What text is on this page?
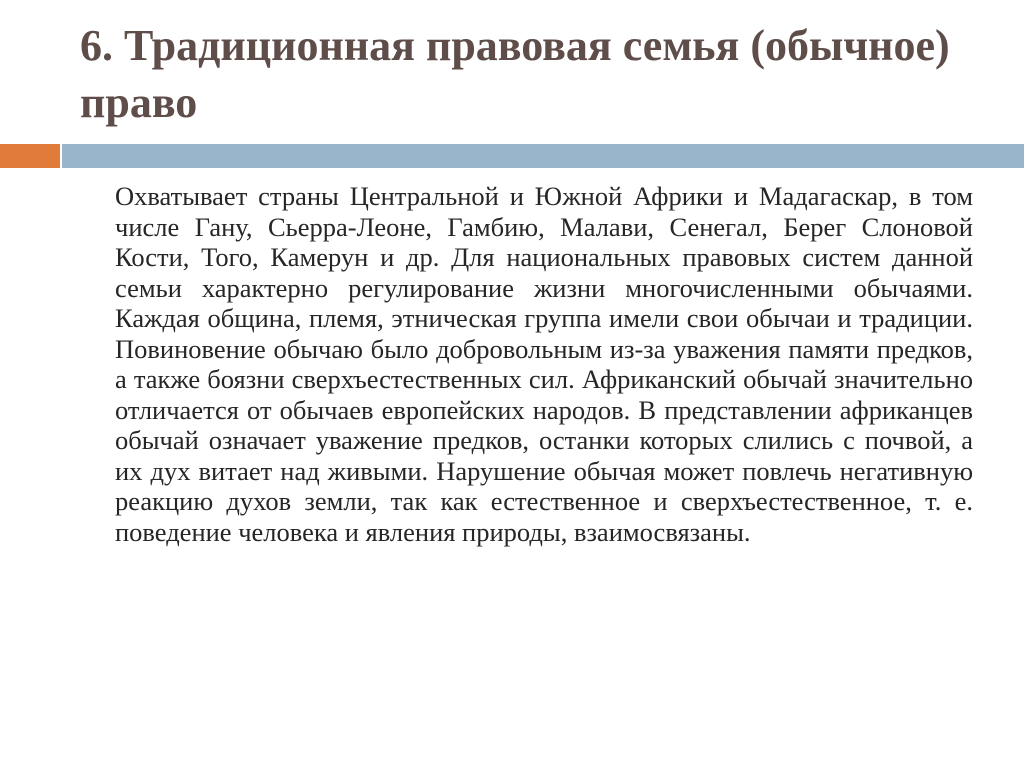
6. Традиционная правовая семья (обычное) право

Охватывает страны Центральной и Южной Африки и Мадагаскар, в том числе Гану, Сьерра-Леоне, Гамбию, Малави, Сенегал, Берег Слоновой Кости, Того, Камерун и др. Для национальных правовых систем данной семьи характерно регулирование жизни многочисленными обычаями. Каждая община, племя, этническая группа имели свои обычаи и традиции. Повиновение обычаю было добровольным из-за уважения памяти предков, а также боязни сверхъестественных сил. Африканский обычай значительно отличается от обычаев европейских народов. В представлении африканцев обычай означает уважение предков, останки которых слились с почвой, а их дух витает над живыми. Нарушение обычая может повлечь негативную реакцию духов земли, так как естественное и сверхъестественное, т. е. поведение человека и явления природы, взаимосвязаны.
